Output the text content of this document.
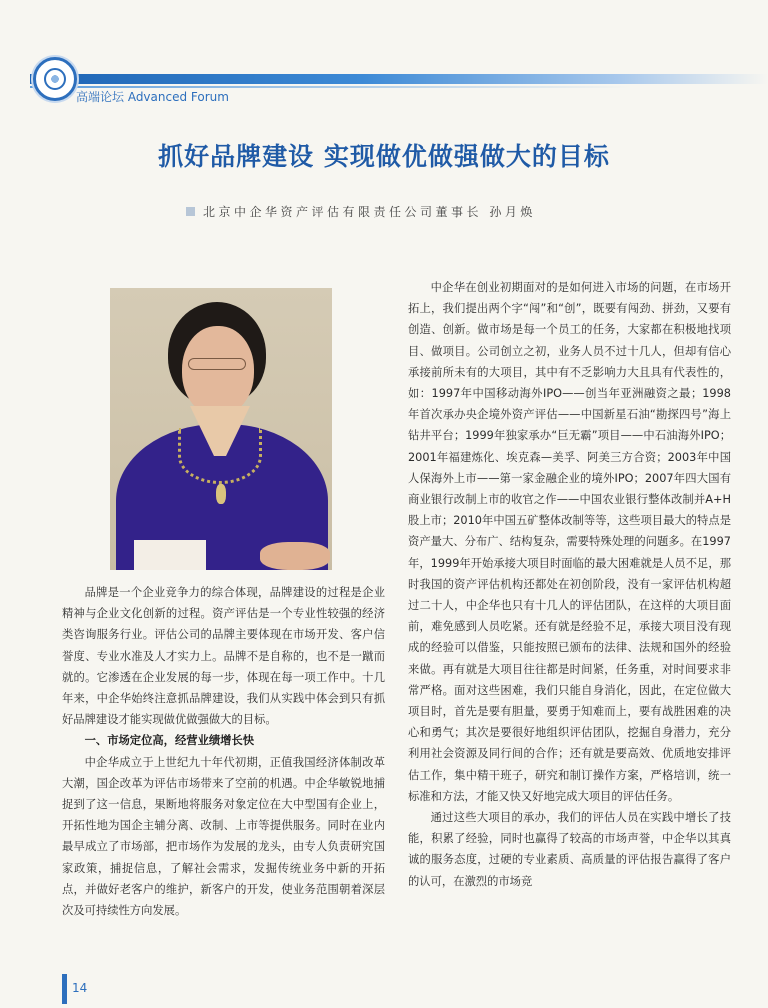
高端论坛 Advanced Forum
抓好品牌建设 实现做优做强做大的目标
北京中企华资产评估有限责任公司董事长 孙月焕

品牌是一个企业竞争力的综合体现，品牌建设的过程是企业精神与企业文化创新的过程。资产评估是一个专业性较强的经济类咨询服务行业。评估公司的品牌主要体现在市场开发、客户信誉度、专业水准及人才实力上。品牌不是自称的，也不是一蹴而就的。它渗透在企业发展的每一步，体现在每一项工作中。十几年来，中企华始终注意抓品牌建设，我们从实践中体会到只有抓好品牌建设才能实现做优做强做大的目标。

一、市场定位高，经营业绩增长快

中企华成立于上世纪九十年代初期，正值我国经济体制改革大潮，国企改革为评估市场带来了空前的机遇。中企华敏锐地捕捉到了这一信息，果断地将服务对象定位在大中型国有企业上，开拓性地为国企主辅分离、改制、上市等提供服务。同时在业内最早成立了市场部，把市场作为发展的龙头，由专人负责研究国家政策，捕捉信息，了解社会需求，发掘传统业务中新的开拓点，并做好老客户的维护，新客户的开发，使业务范围朝着深层次及可持续性方向发展。

中企华在创业初期面对的是如何进入市场的问题，在市场开拓上，我们提出两个字“闯”和“创”，既要有闯劲、拼劲，又要有创造、创新。做市场是每一个员工的任务，大家都在积极地找项目、做项目。公司创立之初，业务人员不过十几人，但却有信心承接前所未有的大项目，其中有不乏影响力大且具有代表性的，如：1997年中国移动海外IPO——创当年亚洲融资之最；1998年首次承办央企境外资产评估——中国新星石油“勘探四号”海上钻井平台；1999年独家承办“巨无霸”项目——中石油海外IPO；2001年福建炼化、埃克森—美孚、阿美三方合资；2003年中国人保海外上市——第一家金融企业的境外IPO；2007年四大国有商业银行改制上市的收官之作——中国农业银行整体改制并A+H股上市；2010年中国五矿整体改制等等，这些项目最大的特点是资产量大、分布广、结构复杂，需要特殊处理的问题多。在1997年，1999年开始承接大项目时面临的最大困难就是人员不足，那时我国的资产评估机构还都处在初创阶段，没有一家评估机构超过二十人，中企华也只有十几人的评估团队，在这样的大项目面前，难免感到人员吃紧。还有就是经验不足，承接大项目没有现成的经验可以借鉴，只能按照已颁布的法律、法规和国外的经验来做。再有就是大项目往往都是时间紧，任务重，对时间要求非常严格。面对这些困难，我们只能自身消化，因此，在定位做大项目时，首先是要有胆量，要勇于知难而上，要有战胜困难的决心和勇气；其次是要很好地组织评估团队，挖掘自身潜力，充分利用社会资源及同行间的合作；还有就是要高效、优质地安排评估工作，集中精干班子，研究和制订操作方案，严格培训，统一标准和方法，才能又快又好地完成大项目的评估任务。

通过这些大项目的承办，我们的评估人员在实践中增长了技能，积累了经验，同时也赢得了较高的市场声誉，中企华以其真诚的服务态度，过硬的专业素质、高质量的评估报告赢得了客户的认可，在激烈的市场竞

14
